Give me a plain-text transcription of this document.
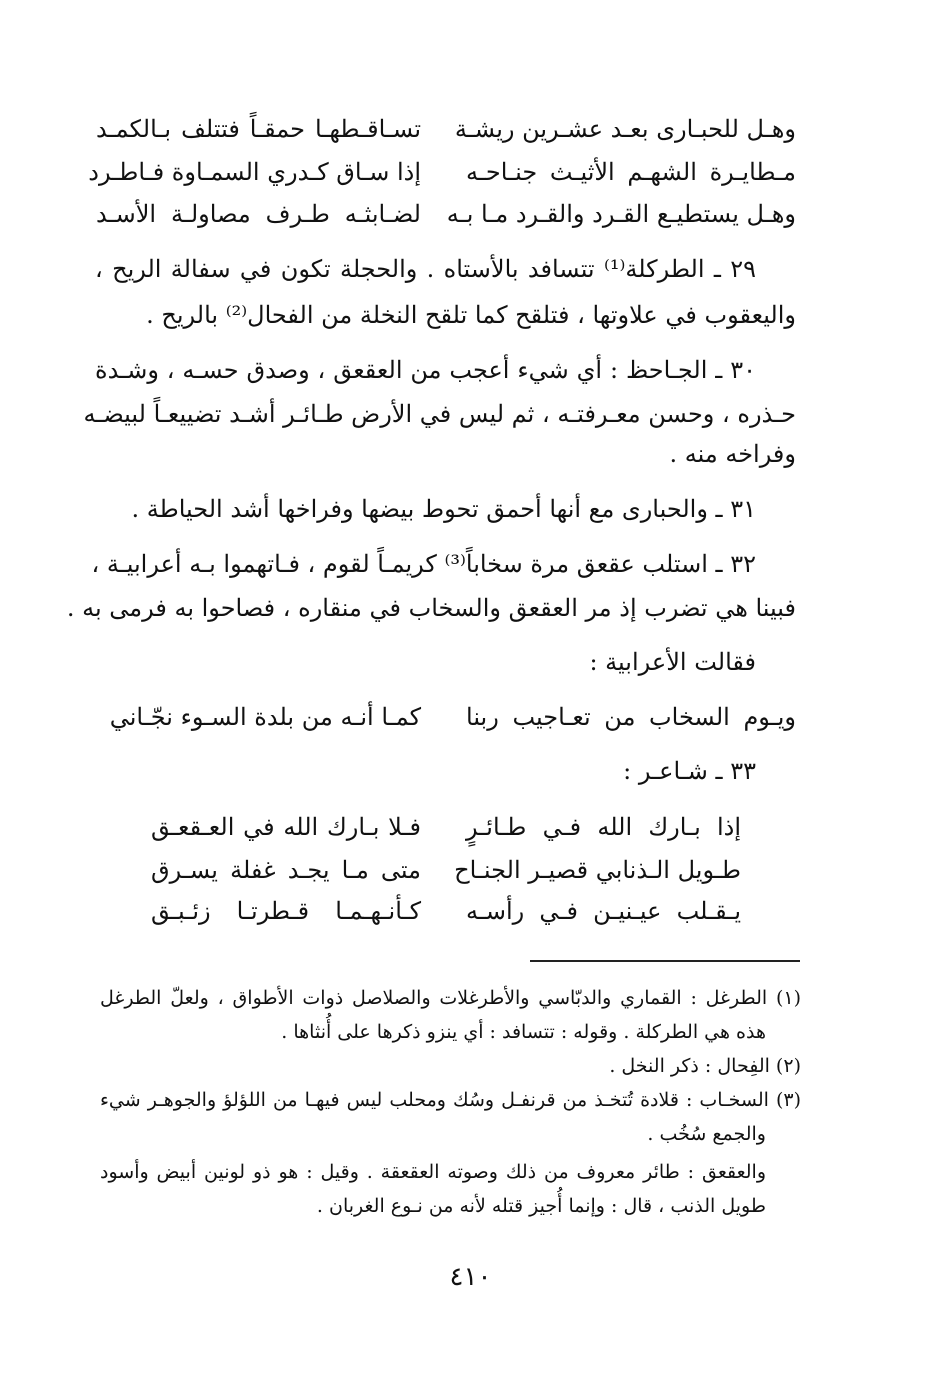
وهـل للحبـارى بعـد عشـرين ريشـة
تسـاقـطهـا حمقـاً فتتلف بـالكمـد
مـطايـرة الشهـم الأثيـث جنـاحـه
إذا سـاق كـدري السمـاوة فـاطـرد
وهـل يستطيـع القـرد والقـرد مـا بـه
لضـابثـه طـرف مصاولـة الأسـد
٢٩ ـ الطركلة⁽¹⁾ تتسافد بالأستاه . والحجلة تكون في سفالة الريح ،
واليعقوب في علاوتها ، فتلقح كما تلقح النخلة من الفحال⁽²⁾ بالريح .
٣٠ ـ الجـاحظ : أي شيء أعجب من العقعق ، وصدق حسـه ، وشـدة
حـذره ، وحسن معـرفتـه ، ثم ليس في الأرض طـائـر أشـد تضييعـاً لبيضـه
وفراخه منه .
٣١ ـ والحبارى مع أنها أحمق تحوط بيضها وفراخها أشد الحياطة .
٣٢ ـ استلب عقعق مرة سخاباً⁽³⁾ كريمـاً لقوم ، فـاتهموا بـه أعرابيـة ،
فبينا هي تضرب إذ مر العقعق والسخاب في منقاره ، فصاحوا به فرمى به .
فقالت الأعرابية :
ويـوم السخاب من تعـاجيب ربنا
كمـا أنـه من بلدة السـوء نجّـاني
٣٣ ـ شـاعـر :
إذا بـارك الله فـي طـائـرٍ
فـلا بـارك الله في العـقعـق
طـويل الـذنابي قصيـر الجنـاح
متى مـا يجـد غفلة يسـرق
يـقـلب عيـنيـن فـي رأسـه
كـأنـهـمـا قـطرتـا زئـبـق
(١) الطرغل : القماري والدبّاسي والأطرغلات والصلاصل ذوات الأطواق ، ولعلّ الطرغل
هذه هي الطركلة . وقوله : تتسافد : أي ينزو ذكرها على أُنثاها .
(٢) الفِحال : ذكر النخل .
(٣) السخـاب : قلادة تُتخـذ من قرنفـل وسُك ومحلب ليس فيهـا من اللؤلؤ والجوهـر شيء
والجمع سُخُب .
والعقعق : طائر معروف من ذلك وصوته العقعقة . وقيل : هو ذو لونين أبيض وأسود
طويل الذنب ، قال : وإنما أُجيز قتله لأنه من نـوع الغربان .
٤١٠
